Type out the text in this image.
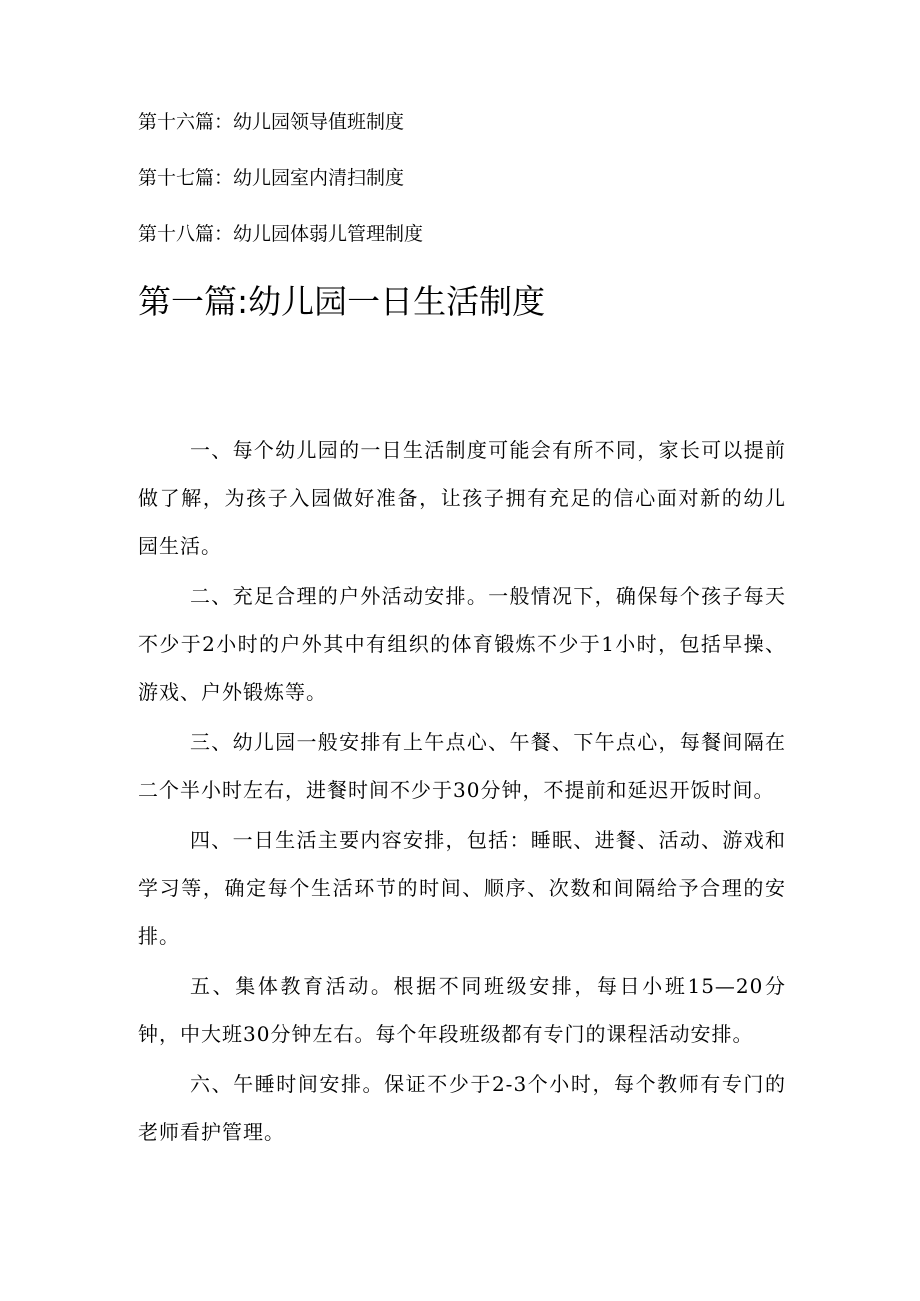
第十六篇：幼儿园领导值班制度
第十七篇：幼儿园室内清扫制度
第十八篇：幼儿园体弱儿管理制度
第一篇:幼儿园一日生活制度

一、每个幼儿园的一日生活制度可能会有所不同，家长可以提前做了解，为孩子入园做好准备，让孩子拥有充足的信心面对新的幼儿园生活。

二、充足合理的户外活动安排。一般情况下，确保每个孩子每天不少于2小时的户外其中有组织的体育锻炼不少于1小时，包括早操、游戏、户外锻炼等。

三、幼儿园一般安排有上午点心、午餐、下午点心，每餐间隔在二个半小时左右，进餐时间不少于30分钟，不提前和延迟开饭时间。

四、一日生活主要内容安排，包括：睡眠、进餐、活动、游戏和学习等，确定每个生活环节的时间、顺序、次数和间隔给予合理的安排。

五、集体教育活动。根据不同班级安排，每日小班15—20分钟，中大班30分钟左右。每个年段班级都有专门的课程活动安排。

六、午睡时间安排。保证不少于2-3个小时，每个教师有专门的老师看护管理。
